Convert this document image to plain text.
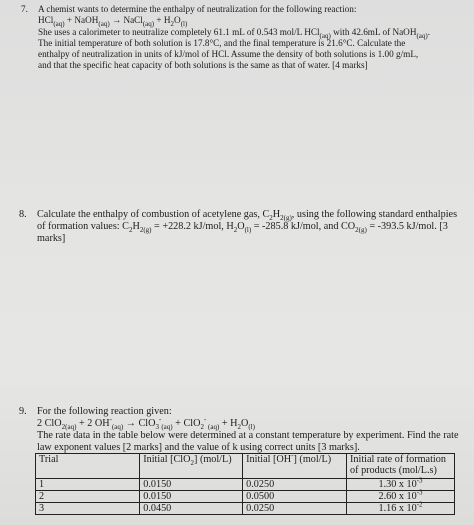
7. A chemist wants to determine the enthalpy of neutralization for the following reaction:
HCl$_{(aq)}$ + NaOH$_{(aq)}$ → NaCl$_{(aq)}$ + $H_2O_{(l)}$
She uses a calorimeter to neutralize completely 61.1 mL of 0.543 mol/L HCl$_{(aq)}$ with 42.6mL of NaOH$_{(aq)}$.
The initial temperature of both solution is 17.8°C, and the final temperature is 21.6°C. Calculate the
enthalpy of neutralization in units of kJ/mol of HCl. Assume the density of both solutions is 1.00 g/mL,
and that the specific heat capacity of both solutions is the same as that of water. [4 marks]
8. Calculate the enthalpy of combustion of acetylene gas, $C_2H_{2(g)}$, using the following standard enthalpies
of formation values: $C_2H_{2(g)} = +228.2$ kJ/mol, $H_2O_{(l)} = -285.8$ kJ/mol, and $CO_{2(g)} = -393.5$ kJ/mol. [3
marks]
9. For the following reaction given:
2 ClO$_{2(aq)}$ + 2 $OH^-_{(aq)} \to ClO_3^-_{(aq)} + ClO_2^-$ $_{(aq)} + H_2O_{(l)}$
The rate data in the table below were determined at a constant temperature by experiment. Find the rate
law exponent values [2 marks] and the value of k using correct units [3 marks].
Trial	Initial [ClO$_2$] (mol/L)	Initial [OH-] (mol/L)	Initial rate of formation
of products (mol/L.s)

1	0.0150	0.0250	1.30 x $10^{-3}$
2	0.0150	0.0500	2.60 x $10^{-3}$
3	0.0450	0.0250	1.16 x $10^{-2}$
